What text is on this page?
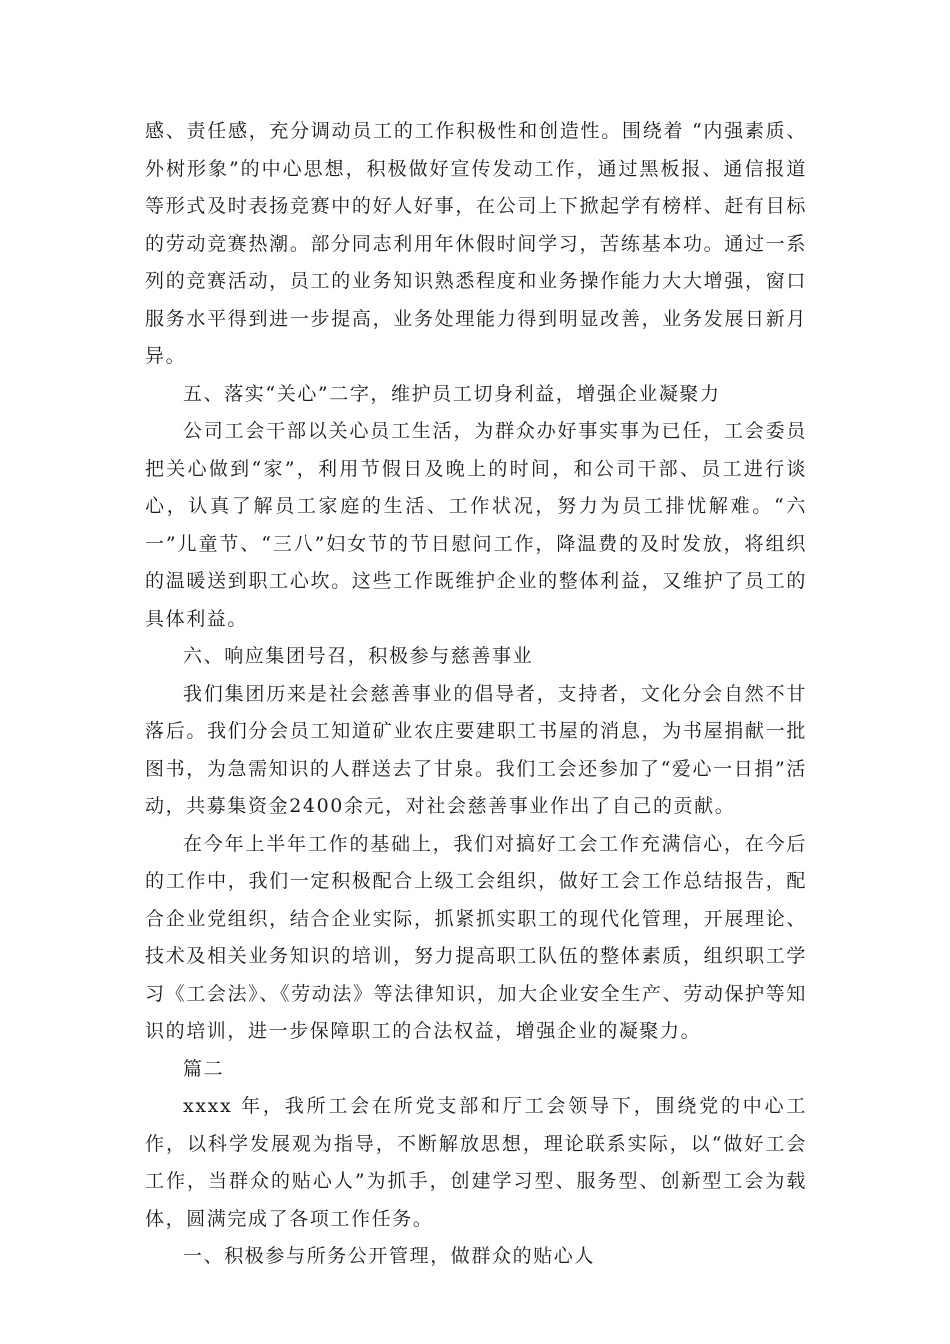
感、责任感，充分调动员工的工作积极性和创造性。围绕着 “内强素质、外树形象”的中心思想，积极做好宣传发动工作，通过黑板报、通信报道等形式及时表扬竞赛中的好人好事，在公司上下掀起学有榜样、赶有目标的劳动竞赛热潮。部分同志利用年休假时间学习，苦练基本功。通过一系列的竞赛活动，员工的业务知识熟悉程度和业务操作能力大大增强，窗口服务水平得到进一步提高，业务处理能力得到明显改善，业务发展日新月异。

五、落实“关心”二字，维护员工切身利益，增强企业凝聚力

公司工会干部以关心员工生活，为群众办好事实事为已任，工会委员把关心做到“家”，利用节假日及晚上的时间，和公司干部、员工进行谈心，认真了解员工家庭的生活、工作状况，努力为员工排忧解难。“六一”儿童节、“三八”妇女节的节日慰问工作，降温费的及时发放，将组织的温暖送到职工心坎。这些工作既维护企业的整体利益，又维护了员工的具体利益。

六、响应集团号召，积极参与慈善事业

我们集团历来是社会慈善事业的倡导者，支持者，文化分会自然不甘落后。我们分会员工知道矿业农庄要建职工书屋的消息，为书屋捐献一批图书，为急需知识的人群送去了甘泉。我们工会还参加了“爱心一日捐”活动，共募集资金2400余元，对社会慈善事业作出了自己的贡献。

在今年上半年工作的基础上，我们对搞好工会工作充满信心，在今后的工作中，我们一定积极配合上级工会组织，做好工会工作总结报告，配合企业党组织，结合企业实际，抓紧抓实职工的现代化管理，开展理论、技术及相关业务知识的培训，努力提高职工队伍的整体素质，组织职工学习《工会法》、《劳动法》等法律知识，加大企业安全生产、劳动保护等知识的培训，进一步保障职工的合法权益，增强企业的凝聚力。

篇二

xxxx 年，我所工会在所党支部和厅工会领导下，围绕党的中心工作，以科学发展观为指导，不断解放思想，理论联系实际，以“做好工会工作，当群众的贴心人”为抓手，创建学习型、服务型、创新型工会为载体，圆满完成了各项工作任务。

一、积极参与所务公开管理，做群众的贴心人
